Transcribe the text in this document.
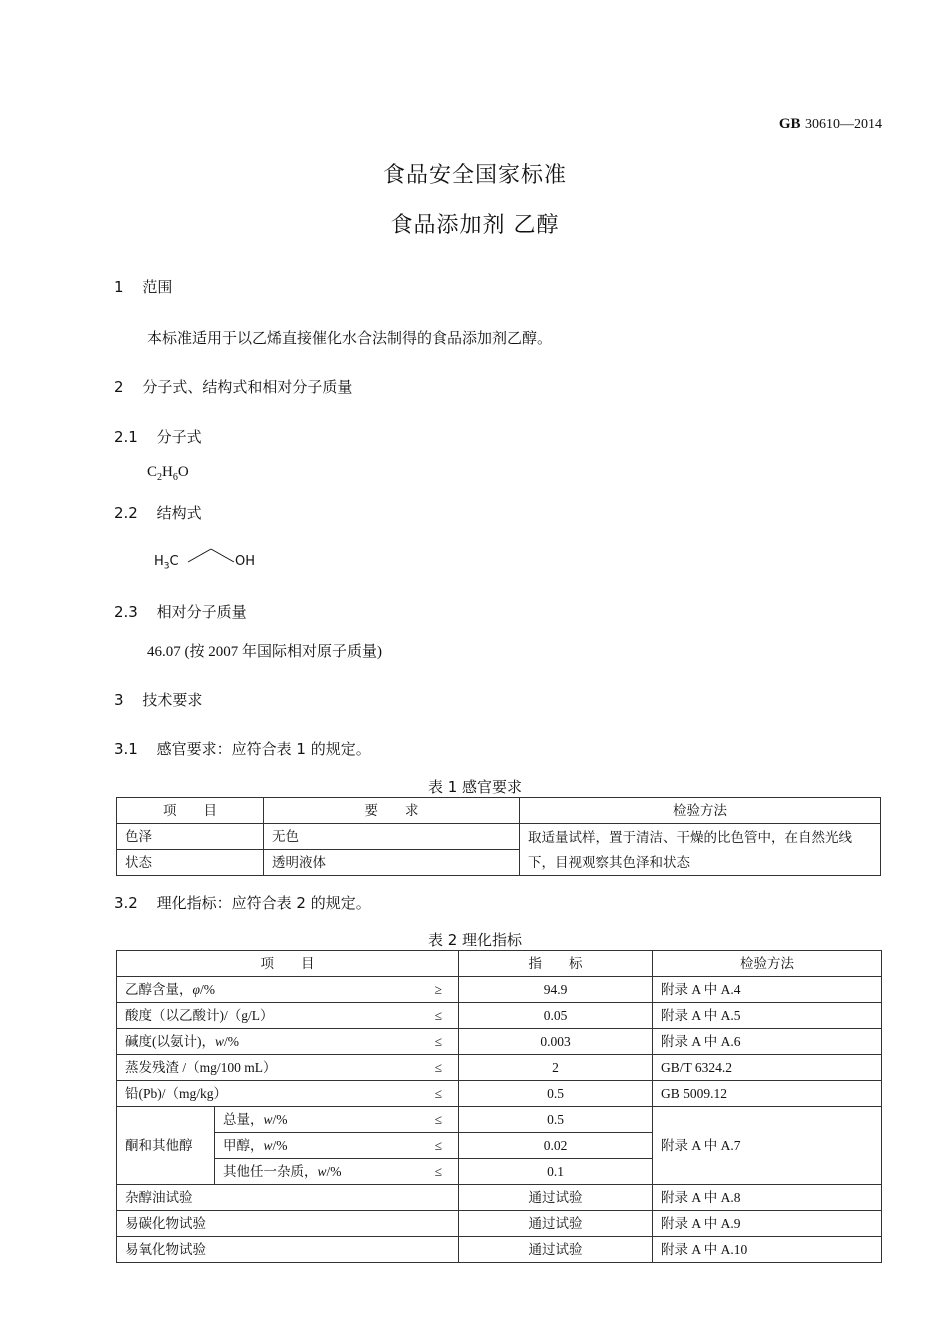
GB 30610—2014
食品安全国家标准
食品添加剂 乙醇
1 范围
本标准适用于以乙烯直接催化水合法制得的食品添加剂乙醇。
2 分子式、结构式和相对分子质量
2.1 分子式
$C_2H_6O$
2.2 结构式
$H_3C$	OH
2.3 相对分子质量
46.07 (按 2007 年国际相对原子质量)
3 技术要求
3.1 感官要求：应符合表 1 的规定。
表 1 感官要求
项　　目	要　　求	检验方法
色泽	无色	取适量试样，置于清洁、干燥的比色管中，在自然光线
下，目视观察其色泽和状态

状态	透明液体	
3.2 理化指标：应符合表 2 的规定。
表 2 理化指标
项　　目		指　　标	检验方法
乙醇含量，φ/% ≥		94.9	附录 A 中 A.4
酸度（以乙酸计)/（g/L） ≤		0.05	附录 A 中 A.5
碱度(以氨计)，w/% ≤		0.003	附录 A 中 A.6
蒸发残渣 /（mg/100 mL） ≤		2	GB/T 6324.2
铅(Pb)/（mg/kg） ≤		0.5	GB 5009.12
酮和其他醇	总量，w/% ≤	0.5	附录 A 中 A.7
	甲醇，w/% ≤	0.02	
	其他任一杂质，w/% ≤	0.1	
杂醇油试验		通过试验	附录 A 中 A.8
易碳化物试验		通过试验	附录 A 中 A.9
易氧化物试验		通过试验	附录 A 中 A.10
